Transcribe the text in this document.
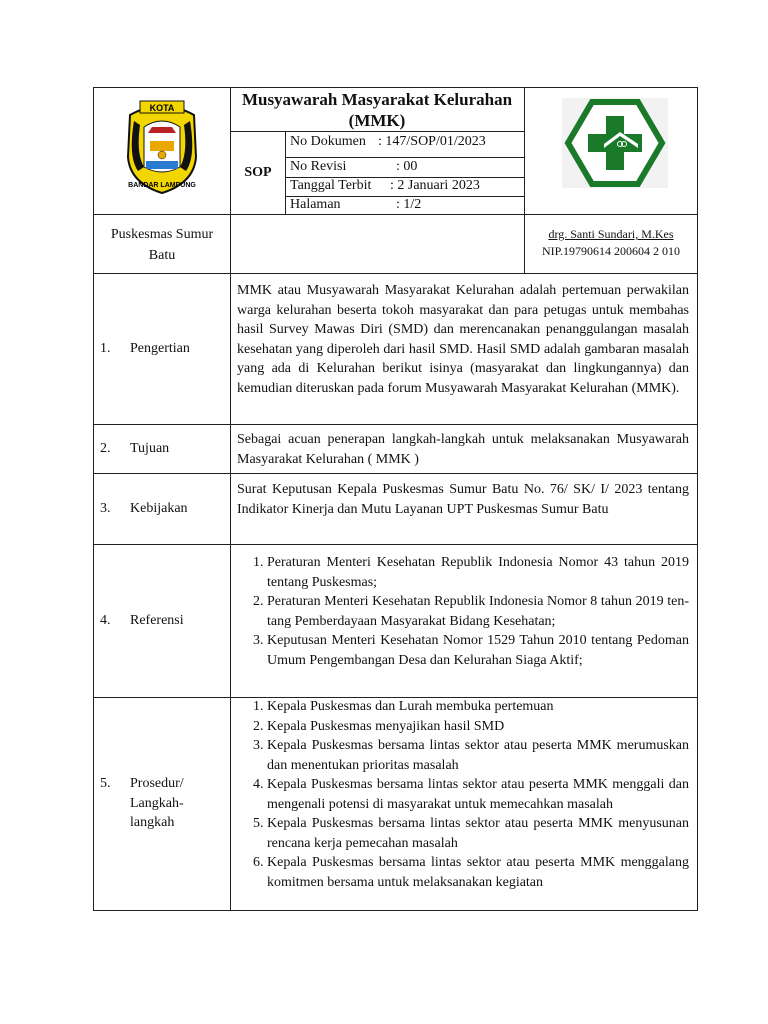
KOTA
BANDAR LAMPUNG
Musyawarah Masyarakat Kelurahan (MMK)
SOP
No Dokumen : 147/SOP/01/2023
No Revisi	: 00
Tanggal Terbit : 2 Januari 2023
Halaman	: 1/2
Puskesmas Sumur Batu
drg. Santi Sundari, M.Kes
NIP.19790614 200604 2 010
1. Pengertian
MMK atau Musyawarah Masyarakat Kelurahan adalah pertemuan perwakilan warga kelurahan beserta tokoh masyarakat dan para petugas untuk membahas hasil Survey Mawas Diri (SMD) dan merencanakan penanggulangan masalah kesehatan yang diperoleh dari hasil SMD. Hasil SMD adalah gambaran masalah yang ada di Kelurahan berikut isinya (masyarakat dan lingkungannya) dan kemudian diteruskan pada forum Musyawarah Masyarakat Kelurahan (MMK).
2. Tujuan
Sebagai acuan penerapan langkah-langkah untuk melaksanakan Musyawarah Masyarakat Kelurahan ( MMK )
3. Kebijakan
Surat Keputusan Kepala Puskesmas Sumur Batu No. 76/ SK/ I/ 2023 tentang Indikator Kinerja dan Mutu Layanan UPT Puskesmas Sumur Batu
4. Referensi
1. Peraturan Menteri Kesehatan Republik Indonesia Nomor 43 tahun 2019 tentang Puskesmas;
2. Peraturan Menteri Kesehatan Republik Indonesia Nomor 8 tahun 2019 ten-tang Pemberdayaan Masyarakat Bidang Kesehatan;
3. Keputusan Menteri Kesehatan Nomor 1529 Tahun 2010 tentang Pedoman Umum Pengembangan Desa dan Kelurahan Siaga Aktif;
5. Prosedur/ Langkah-langkah
1. Kepala Puskesmas dan Lurah membuka pertemuan
2. Kepala Puskesmas menyajikan hasil SMD
3. Kepala Puskesmas bersama lintas sektor atau peserta MMK merumuskan dan menentukan prioritas masalah
4. Kepala Puskesmas bersama lintas sektor atau peserta MMK menggali dan mengenali potensi di masyarakat untuk memecahkan masalah
5. Kepala Puskesmas bersama lintas sektor atau peserta MMK menyusunan rencana kerja pemecahan masalah
6. Kepala Puskesmas bersama lintas sektor atau peserta MMK menggalang komitmen bersama untuk melaksanakan kegiatan
